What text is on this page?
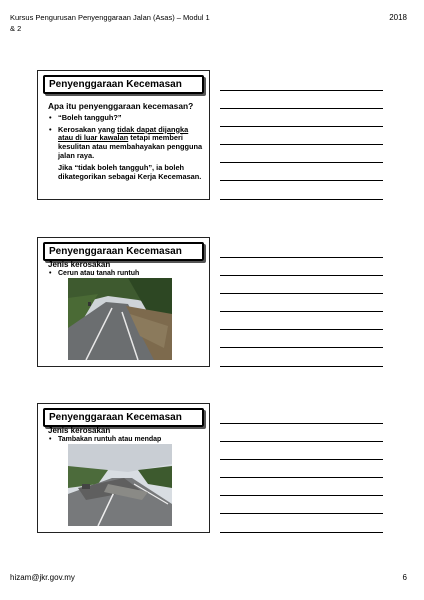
Kursus Pengurusan Penyenggaraan Jalan (Asas) – Modul 1 & 2
2018
Penyenggaraan Kecemasan
Apa itu penyenggaraan kecemasan?
• “Boleh tangguh?”
• Kerosakan yang tidak dapat dijangka atau di luar kawalan tetapi memberi kesulitan atau membahayakan pengguna jalan raya.
Jika “tidak boleh tangguh”, ia boleh dikategorikan sebagai Kerja Kecemasan.
Penyenggaraan Kecemasan
Jenis kerosakan
• Cerun atau tanah runtuh
Penyenggaraan Kecemasan
Jenis kerosakan
• Tambakan runtuh atau mendap
hizam@jkr.gov.my	6
